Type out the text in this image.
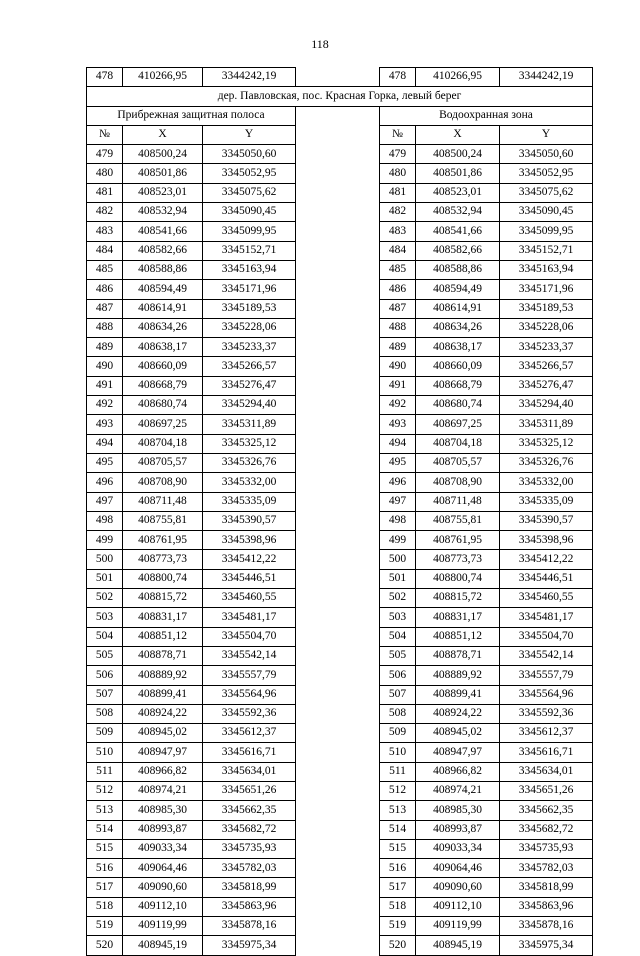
118
478	410266,95	3344242,19		478	410266,95	3344242,19
дер. Павловская, пос. Красная Горка, левый берег						
Прибрежная защитная полоса				Водоохранная зона		
№	X	Y		№	X	Y
479	408500,24	3345050,60		479	408500,24	3345050,60
480	408501,86	3345052,95		480	408501,86	3345052,95
481	408523,01	3345075,62		481	408523,01	3345075,62
482	408532,94	3345090,45		482	408532,94	3345090,45
483	408541,66	3345099,95		483	408541,66	3345099,95
484	408582,66	3345152,71		484	408582,66	3345152,71
485	408588,86	3345163,94		485	408588,86	3345163,94
486	408594,49	3345171,96		486	408594,49	3345171,96
487	408614,91	3345189,53		487	408614,91	3345189,53
488	408634,26	3345228,06		488	408634,26	3345228,06
489	408638,17	3345233,37		489	408638,17	3345233,37
490	408660,09	3345266,57		490	408660,09	3345266,57
491	408668,79	3345276,47		491	408668,79	3345276,47
492	408680,74	3345294,40		492	408680,74	3345294,40
493	408697,25	3345311,89		493	408697,25	3345311,89
494	408704,18	3345325,12		494	408704,18	3345325,12
495	408705,57	3345326,76		495	408705,57	3345326,76
496	408708,90	3345332,00		496	408708,90	3345332,00
497	408711,48	3345335,09		497	408711,48	3345335,09
498	408755,81	3345390,57		498	408755,81	3345390,57
499	408761,95	3345398,96		499	408761,95	3345398,96
500	408773,73	3345412,22		500	408773,73	3345412,22
501	408800,74	3345446,51		501	408800,74	3345446,51
502	408815,72	3345460,55		502	408815,72	3345460,55
503	408831,17	3345481,17		503	408831,17	3345481,17
504	408851,12	3345504,70		504	408851,12	3345504,70
505	408878,71	3345542,14		505	408878,71	3345542,14
506	408889,92	3345557,79		506	408889,92	3345557,79
507	408899,41	3345564,96		507	408899,41	3345564,96
508	408924,22	3345592,36		508	408924,22	3345592,36
509	408945,02	3345612,37		509	408945,02	3345612,37
510	408947,97	3345616,71		510	408947,97	3345616,71
511	408966,82	3345634,01		511	408966,82	3345634,01
512	408974,21	3345651,26		512	408974,21	3345651,26
513	408985,30	3345662,35		513	408985,30	3345662,35
514	408993,87	3345682,72		514	408993,87	3345682,72
515	409033,34	3345735,93		515	409033,34	3345735,93
516	409064,46	3345782,03		516	409064,46	3345782,03
517	409090,60	3345818,99		517	409090,60	3345818,99
518	409112,10	3345863,96		518	409112,10	3345863,96
519	409119,99	3345878,16		519	409119,99	3345878,16
520	408945,19	3345975,34		520	408945,19	3345975,34
